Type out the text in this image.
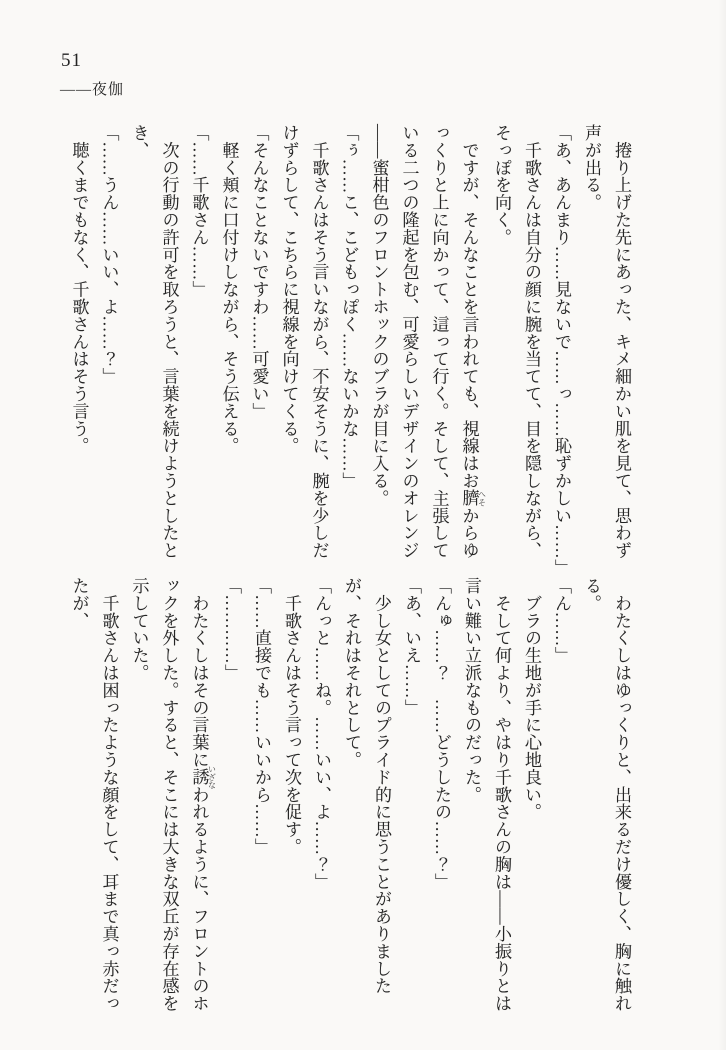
51
――夜伽

　捲り上げた先にあった、キメ細かい肌を見て、思わず

声が出る。

「あ、あんまり……見ないで……っ……恥ずかしい……」

　千歌さんは自分の顔に腕を当てて、目を隠しながら、

そっぽを向く。

　ですが、そんなことを言われても、視線はお臍 へそからゆ

っくりと上に向かって、這って行く。そして、主張して

いる二つの隆起を包む、可愛らしいデザインのオレンジ

――蜜柑色のフロントホックのブラが目に入る。

「ぅ……こ、こどもっぽく……ないかな……」

　千歌さんはそう言いながら、不安そうに、腕を少しだ

けずらして、こちらに視線を向けてくる。

「そんなことないですわ……可愛い」

　軽く頬に口付けしながら、そう伝える。

「……千歌さん……」

　次の行動の許可を取ろうと、言葉を続けようとしたと

き、

「……うん……いい、よ……？」

　聴くまでもなく、千歌さんはそう言う。

　わたくしはゆっくりと、出来るだけ優しく、胸に触れ

る。

「ん……」

　ブラの生地が手に心地良い。

　そして何より、やはり千歌さんの胸は――小振りとは

言い難い立派なものだった。

「んゅ……？　……どうしたの……？」

「あ、いえ……」

　少し女としてのプライド的に思うことがありました

が、それはそれとして。

「んっと……ね。……いい、よ……？」

　千歌さんはそう言って次を促す。

「……直接でも……いいから……」

「…………」

　わたくしはその言葉に誘 いざなわれるように、フロントのホ

ックを外した。すると、そこには大きな双丘が存在感を

示していた。

　千歌さんは困ったような顔をして、耳まで真っ赤だっ

たが、
